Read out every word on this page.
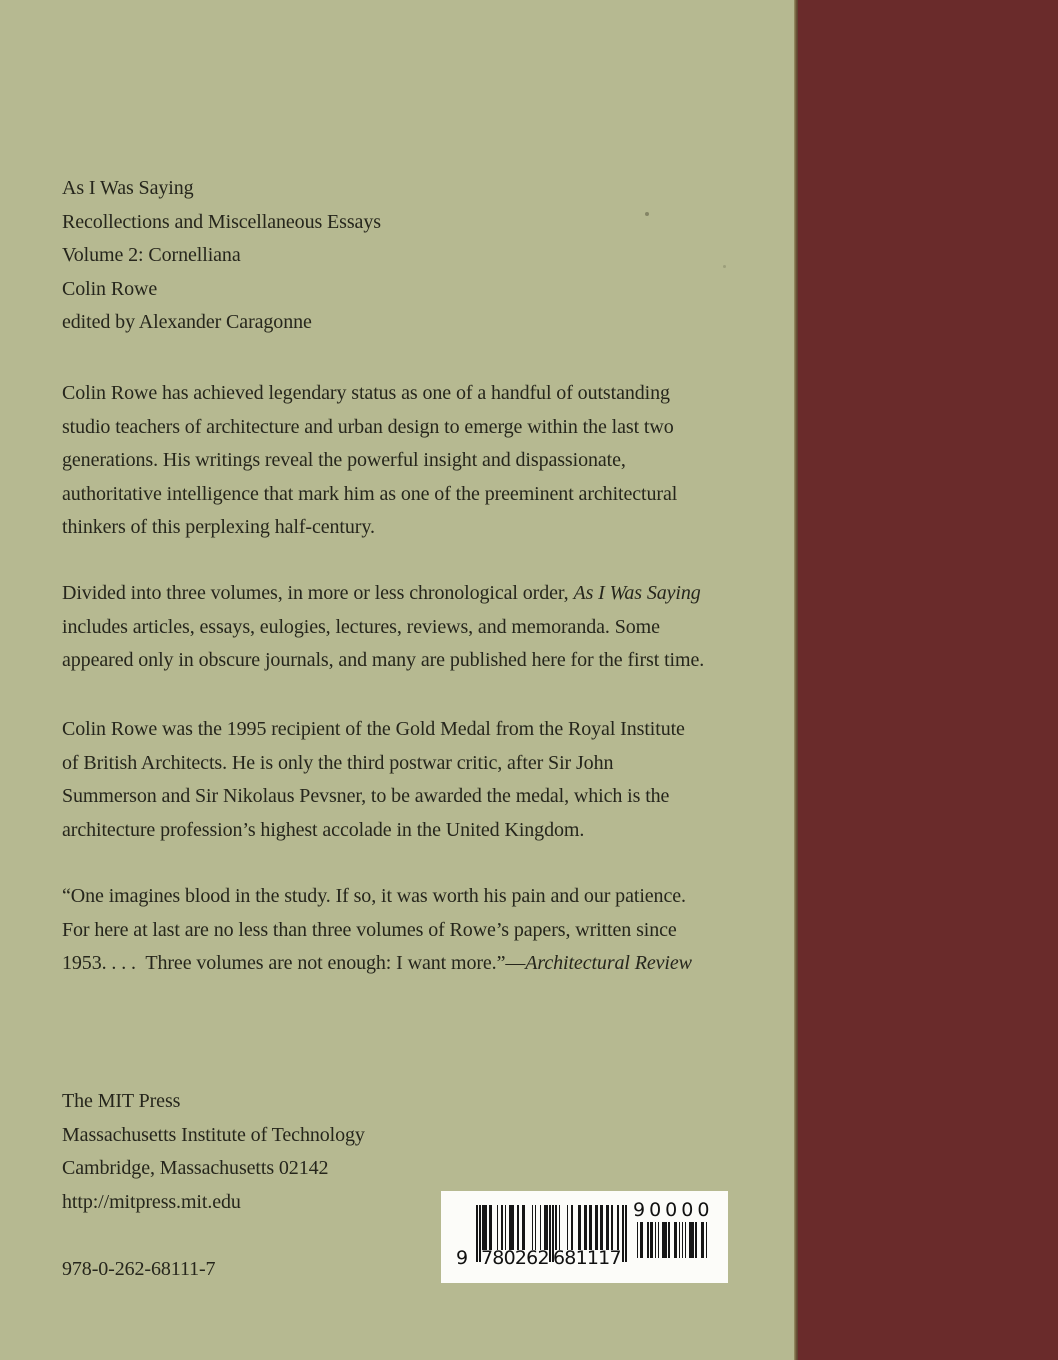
As I Was Saying
Recollections and Miscellaneous Essays
Volume 2: Cornelliana
Colin Rowe
edited by Alexander Caragonne
Colin Rowe has achieved legendary status as one of a handful of outstanding
studio teachers of architecture and urban design to emerge within the last two
generations. His writings reveal the powerful insight and dispassionate,
authoritative intelligence that mark him as one of the preeminent architectural
thinkers of this perplexing half-century.
Divided into three volumes, in more or less chronological order, As I Was Saying
includes articles, essays, eulogies, lectures, reviews, and memoranda. Some
appeared only in obscure journals, and many are published here for the first time.
Colin Rowe was the 1995 recipient of the Gold Medal from the Royal Institute
of British Architects. He is only the third postwar critic, after Sir John
Summerson and Sir Nikolaus Pevsner, to be awarded the medal, which is the
architecture profession’s highest accolade in the United Kingdom.
“One imagines blood in the study. If so, it was worth his pain and our patience.
For here at last are no less than three volumes of Rowe’s papers, written since
1953. . . .  Three volumes are not enough: I want more.”—Architectural Review
The MIT Press
Massachusetts Institute of Technology
Cambridge, Massachusetts 02142
http://mitpress.mit.edu
978-0-262-68111-7	9 780262 681117
90000
